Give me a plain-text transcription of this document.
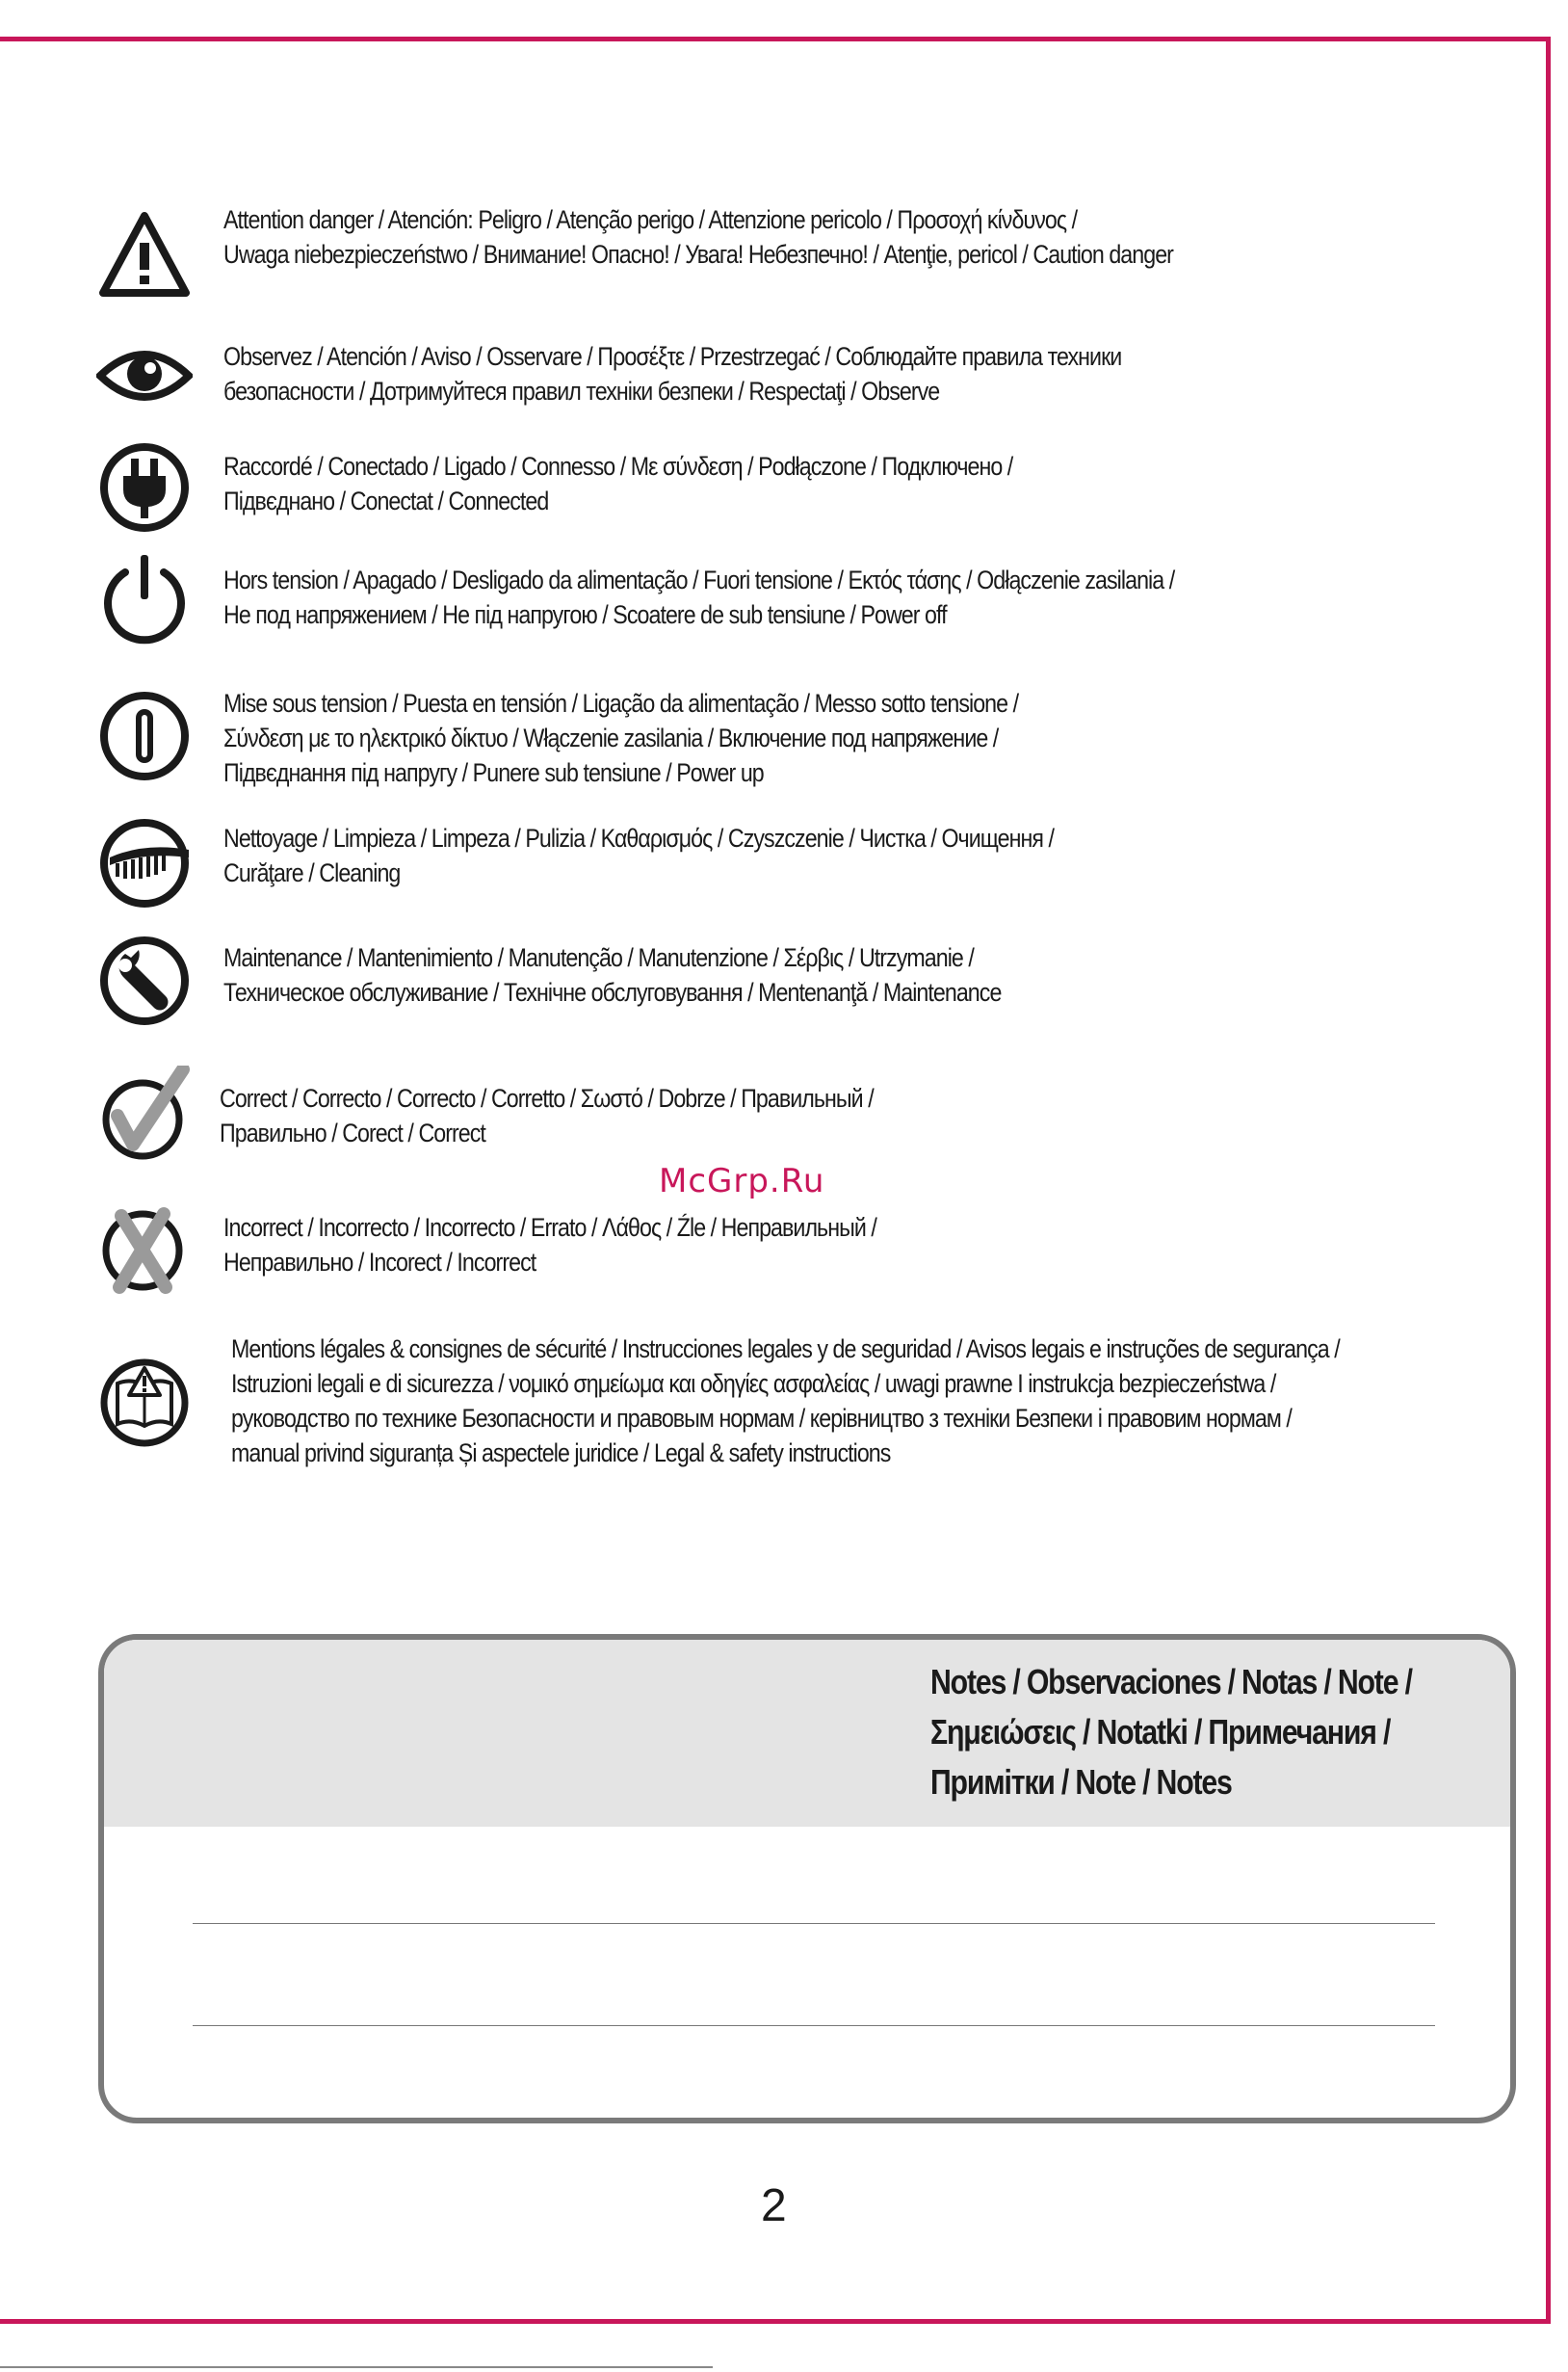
Attention danger / Atención: Peligro / Atenção perigo / Attenzione pericolo / Προσοχή κίνδυνος /
Uwaga niebezpieczeństwo / Внимание! Опасно! / Увага! Небезпечно! / Atenţie, pericol / Caution danger
Observez / Atención / Aviso / Osservare / Προσέξτε / Przestrzegać / Соблюдайте правила техники
безопасности / Дотримуйтеся правил техніки безпеки / Respectaţi / Observe
Raccordé / Conectado / Ligado / Connesso / Με σύνδεση / Podłączone / Подключено /
Підвєднано / Conectat / Connected
Hors tension / Apagado / Desligado da alimentação / Fuori tensione / Εκτός τάσης / Odłączenie zasilania /
Не под напряжением / Не під напругою / Scoatere de sub tensiune / Power off
Mise sous tension / Puesta en tensión / Ligação da alimentação / Messo sotto tensione /
Σύνδεση με το ηλεκτρικό δίκτυο / Włączenie zasilania / Включение под напряжение /
Підвєднання під напругу / Punere sub tensiune / Power up
Nettoyage / Limpieza / Limpeza / Pulizia / Καθαρισμός / Czyszczenie / Чистка / Очищення /
Curăţare / Cleaning
Maintenance / Mantenimiento / Manutenção / Manutenzione / Σέρβις / Utrzymanie /
Техническое обслуживание / Технічне обслуговування / Mentenanţă / Maintenance
Correct / Correcto / Correcto / Corretto / Σωστό / Dobrze / Правильный /
Правильно / Corect / Correct
McGrp.Ru
Incorrect / Incorrecto / Incorrecto / Errato / Λάθος / Źle / Неправильный /
Неправильно / Incorect / Incorrect
Mentions légales & consignes de sécurité / Instrucciones legales y de seguridad / Avisos legais e instruções de segurança /
Istruzioni legali e di sicurezza / νομικό σημείωμα και οδηγίες ασφαλείας / uwagi prawne I instrukcja bezpieczeństwa /
руководство по технике Безопасности и правовым нормам / керівництво з техніки Безпеки і правовим нормам /
manual privind siguranța Și aspectele juridice / Legal & safety instructions
Notes / Observaciones / Notas / Note /
Σημειώσεις / Notatki / Примечания /
Примітки / Note / Notes
2
